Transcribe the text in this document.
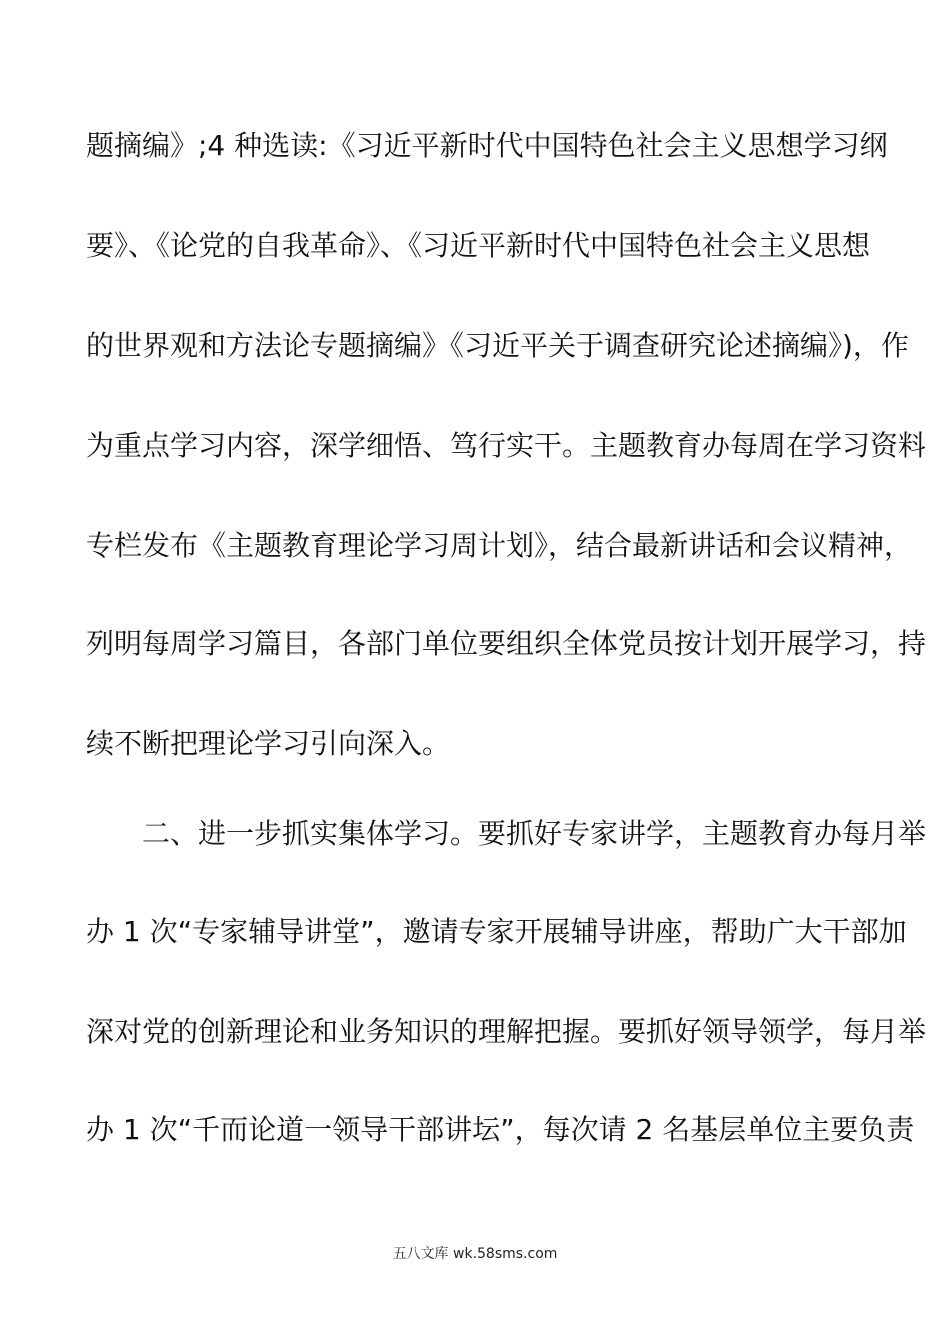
题摘编》;4 种选读:《习近平新时代中国特色社会主义思想学习纲
要》、《论党的自我革命》、《习近平新时代中国特色社会主义思想
的世界观和方法论专题摘编》《习近平关于调查研究论述摘编》)，作
为重点学习内容，深学细悟、笃行实干。主题教育办每周在学习资料
专栏发布《主题教育理论学习周计划》，结合最新讲话和会议精神，
列明每周学习篇目，各部门单位要组织全体党员按计划开展学习，持
续不断把理论学习引向深入。
二、进一步抓实集体学习。要抓好专家讲学，主题教育办每月举
办 1 次“专家辅导讲堂”，邀请专家开展辅导讲座，帮助广大干部加
深对党的创新理论和业务知识的理解把握。要抓好领导领学，每月举
办 1 次“千而论道一领导干部讲坛”，每次请 2 名基层单位主要负责
五八文库 wk.58sms.com
